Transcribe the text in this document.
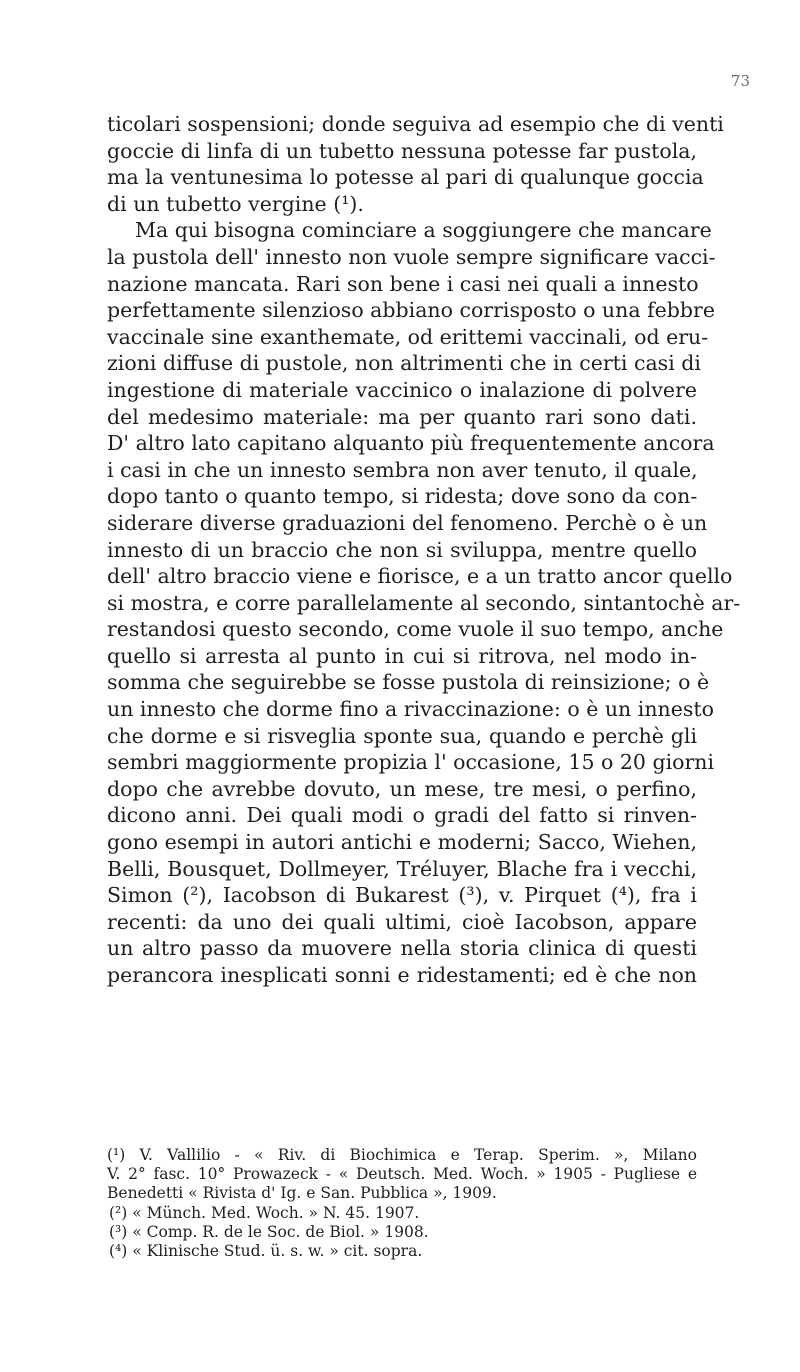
73
ticolari sospensioni; donde seguiva ad esempio che di venti
goccie di linfa di un tubetto nessuna potesse far pustola,
ma la ventunesima lo potesse al pari di qualunque goccia
di un tubetto vergine (¹).
Ma qui bisogna cominciare a soggiungere che mancare
la pustola dell' innesto non vuole sempre significare vacci-
nazione mancata. Rari son bene i casi nei quali a innesto
perfettamente silenzioso abbiano corrisposto o una febbre
vaccinale sine exanthemate, od erittemi vaccinali, od eru-
zioni diffuse di pustole, non altrimenti che in certi casi di
ingestione di materiale vaccinico o inalazione di polvere
del medesimo materiale: ma per quanto rari sono dati.
D' altro lato capitano alquanto più frequentemente ancora
i casi in che un innesto sembra non aver tenuto, il quale,
dopo tanto o quanto tempo, si ridesta; dove sono da con-
siderare diverse graduazioni del fenomeno. Perchè o è un
innesto di un braccio che non si sviluppa, mentre quello
dell' altro braccio viene e fiorisce, e a un tratto ancor quello
si mostra, e corre parallelamente al secondo, sintantochè ar-
restandosi questo secondo, come vuole il suo tempo, anche
quello si arresta al punto in cui si ritrova, nel modo in-
somma che seguirebbe se fosse pustola di reinsizione; o è
un innesto che dorme fino a rivaccinazione: o è un innesto
che dorme e si risveglia sponte sua, quando e perchè gli
sembri maggiormente propizia l' occasione, 15 o 20 giorni
dopo che avrebbe dovuto, un mese, tre mesi, o perfino,
dicono anni. Dei quali modi o gradi del fatto si rinven-
gono esempi in autori antichi e moderni; Sacco, Wiehen,
Belli, Bousquet, Dollmeyer, Tréluyer, Blache fra i vecchi,
Simon (²), Iacobson di Bukarest (³), v. Pirquet (⁴), fra i
recenti: da uno dei quali ultimi, cioè Iacobson, appare
un altro passo da muovere nella storia clinica di questi
perancora inesplicati sonni e ridestamenti; ed è che non
(¹) V. Vallilio - « Riv. di Biochimica e Terap. Sperim. », Milano
V. 2° fasc. 10° Prowazeck - « Deutsch. Med. Woch. » 1905 - Pugliese e
Benedetti « Rivista d' Ig. e San. Pubblica », 1909.
(²) « Münch. Med. Woch. » N. 45. 1907.
(³) « Comp. R. de le Soc. de Biol. » 1908.
(⁴) « Klinische Stud. ü. s. w. » cit. sopra.
